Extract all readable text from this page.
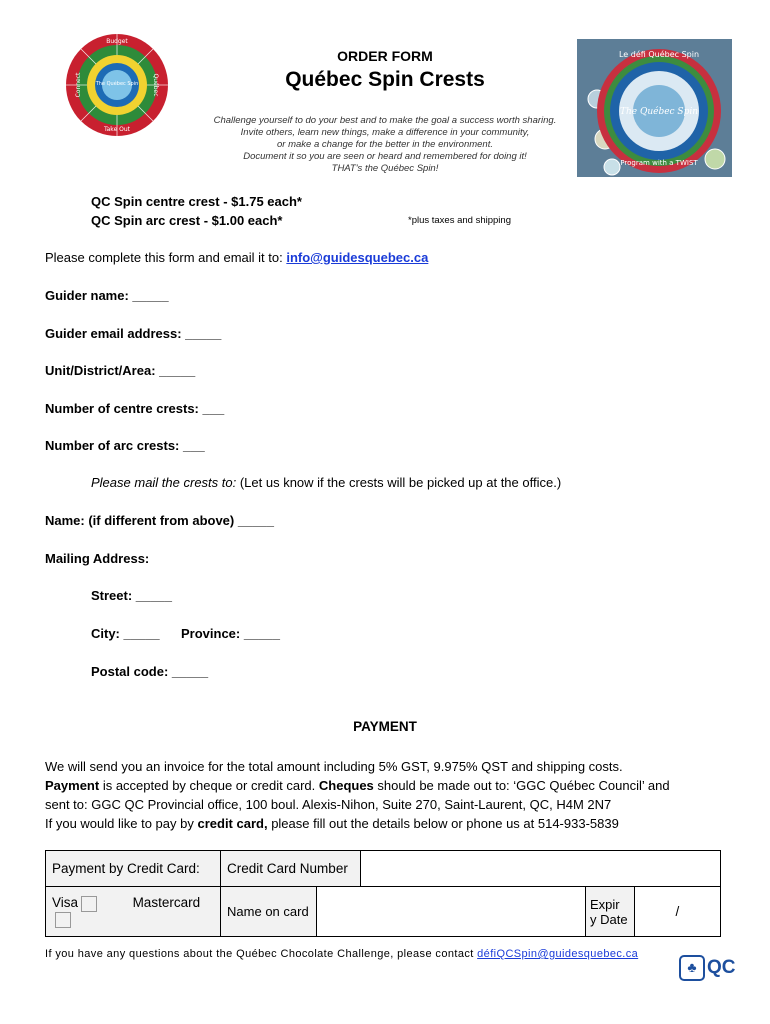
Budget
Québec
Take Out
Connect	The Québec Spin
Le défi Québec Spin
The Québec Spin
Program with a TWIST
ORDER FORM
Québec Spin Crests
Challenge yourself to do your best and to make the goal a success worth sharing.
Invite others, learn new things, make a difference in your community,
or make a change for the better in the environment.
Document it so you are seen or heard and remembered for doing it!
THAT's the Québec Spin!
QC Spin centre crest - $1.75 each*
QC Spin arc crest - $1.00 each*	*plus taxes and shipping
Please complete this form and email it to: info@guidesquebec.ca
Guider name: _____
Guider email address: _____
Unit/District/Area: _____
Number of centre crests: ___
Number of arc crests: ___
Please mail the crests to: (Let us know if the crests will be picked up at the office.)
Name: (if different from above) _____
Mailing Address:
Street: _____
City: _____ Province: _____
Postal code: _____
PAYMENT
We will send you an invoice for the total amount including 5% GST, 9.975% QST and shipping costs.
Payment is accepted by cheque or credit card. Cheques should be made out to: ‘GGC Québec Council’ and
sent to: GGC QC Provincial office, 100 boul. Alexis-Nihon, Suite 270, Saint-Laurent, QC, H4M 2N7
If you would like to pay by credit card, please fill out the details below or phone us at 514-933-5839
Payment by Credit Card:	Credit Card Number				
Visa Mastercard	Name on card			Expir y Date	/
If you have any questions about the Québec Chocolate Challenge, please contact défiQCSpin@guidesquebec.ca
♣ QC
